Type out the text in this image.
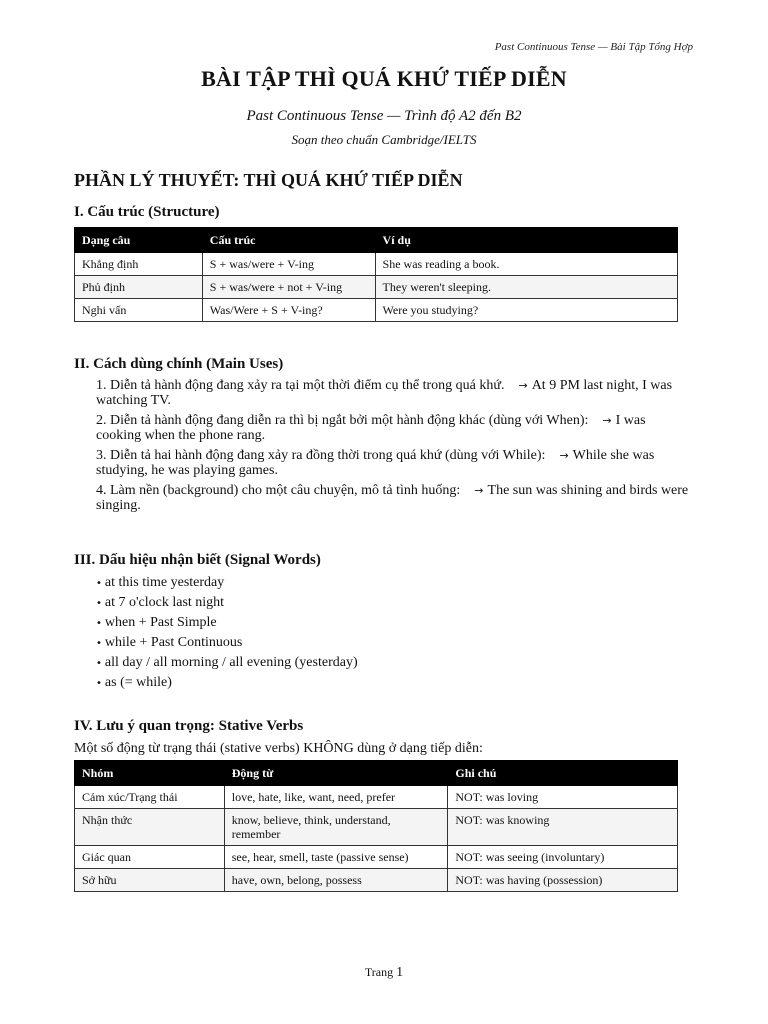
Past Continuous Tense — Bài Tập Tổng Hợp
BÀI TẬP THÌ QUÁ KHỨ TIẾP DIỄN
Past Continuous Tense — Trình độ A2 đến B2
Soạn theo chuẩn Cambridge/IELTS
PHẦN LÝ THUYẾT: THÌ QUÁ KHỨ TIẾP DIỄN
I. Cấu trúc (Structure)
Dạng câu	Cấu trúc	Ví dụ
Khẳng định	S + was/were + V-ing	She was reading a book.
Phủ định	S + was/were + not + V-ing	They weren't sleeping.
Nghi vấn	Was/Were + S + V-ing?	Were you studying?
II. Cách dùng chính (Main Uses)
1. Diễn tả hành động đang xảy ra tại một thời điểm cụ thể trong quá khứ. → At 9 PM last night, I was watching TV.
2. Diễn tả hành động đang diễn ra thì bị ngắt bởi một hành động khác (dùng với When): → I was cooking when the phone rang.
3. Diễn tả hai hành động đang xảy ra đồng thời trong quá khứ (dùng với While): → While she was studying, he was playing games.
4. Làm nền (background) cho một câu chuyện, mô tả tình huống: → The sun was shining and birds were singing.
III. Dấu hiệu nhận biết (Signal Words)
• at this time yesterday
• at 7 o'clock last night
• when + Past Simple
• while + Past Continuous
• all day / all morning / all evening (yesterday)
• as (= while)
IV. Lưu ý quan trọng: Stative Verbs
Một số động từ trạng thái (stative verbs) KHÔNG dùng ở dạng tiếp diễn:
Nhóm	Động từ	Ghi chú
Cảm xúc/Trạng thái	love, hate, like, want, need, prefer	NOT: was loving
Nhận thức	know, believe, think, understand, remember	NOT: was knowing
Giác quan	see, hear, smell, taste (passive sense)	NOT: was seeing (involuntary)
Sở hữu	have, own, belong, possess	NOT: was having (possession)
Trang 1
